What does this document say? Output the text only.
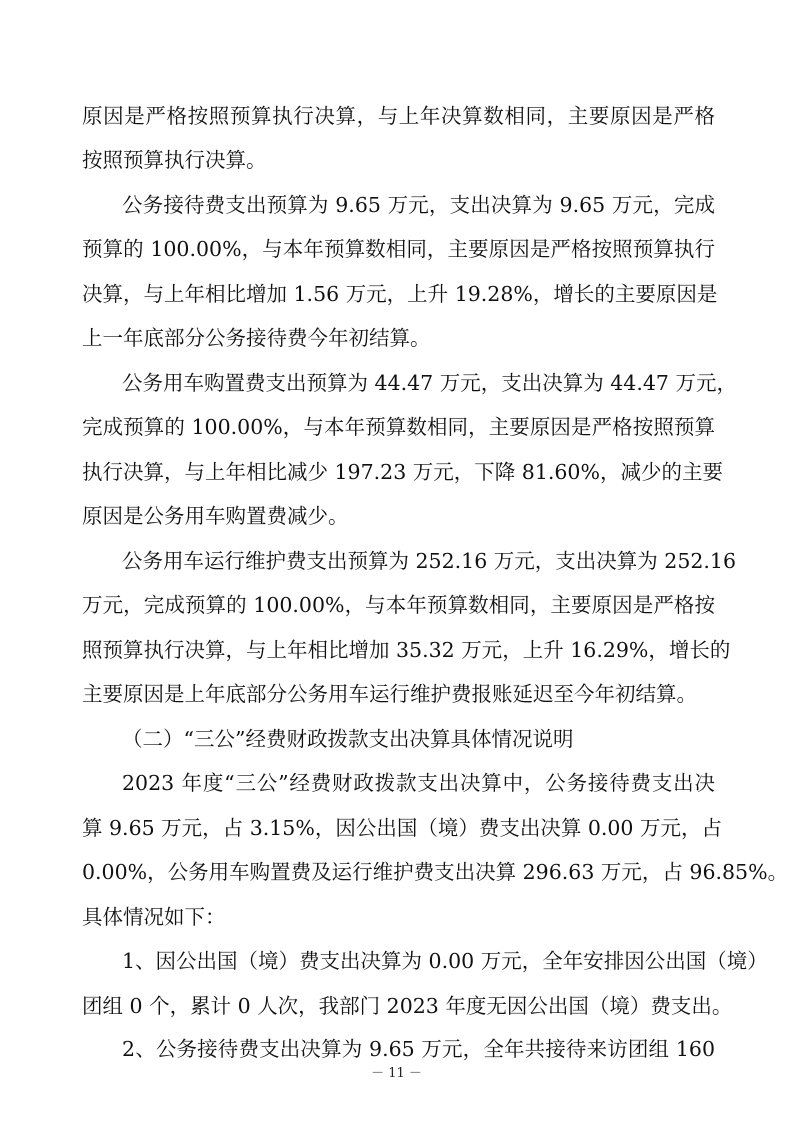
原因是严格按照预算执行决算，与上年决算数相同，主要原因是严格
按照预算执行决算。
公务接待费支出预算为 9.65 万元，支出决算为 9.65 万元，完成
预算的 100.00%，与本年预算数相同，主要原因是严格按照预算执行
决算，与上年相比增加 1.56 万元，上升 19.28%，增长的主要原因是
上一年底部分公务接待费今年初结算。
公务用车购置费支出预算为 44.47 万元，支出决算为 44.47 万元，
完成预算的 100.00%，与本年预算数相同，主要原因是严格按照预算
执行决算，与上年相比减少 197.23 万元，下降 81.60%，减少的主要
原因是公务用车购置费减少。
公务用车运行维护费支出预算为 252.16 万元，支出决算为 252.16
万元，完成预算的 100.00%，与本年预算数相同，主要原因是严格按
照预算执行决算，与上年相比增加 35.32 万元，上升 16.29%，增长的
主要原因是上年底部分公务用车运行维护费报账延迟至今年初结算。
（二）“三公”经费财政拨款支出决算具体情况说明
2023 年度“三公”经费财政拨款支出决算中，公务接待费支出决
算 9.65 万元，占 3.15%，因公出国（境）费支出决算 0.00 万元，占
0.00%，公务用车购置费及运行维护费支出决算 296.63 万元，占 96.85%。
具体情况如下：
1、因公出国（境）费支出决算为 0.00 万元，全年安排因公出国（境）
团组 0 个，累计 0 人次，我部门 2023 年度无因公出国（境）费支出。
－ 11 －
2、公务接待费支出决算为 9.65 万元，全年共接待来访团组 160
